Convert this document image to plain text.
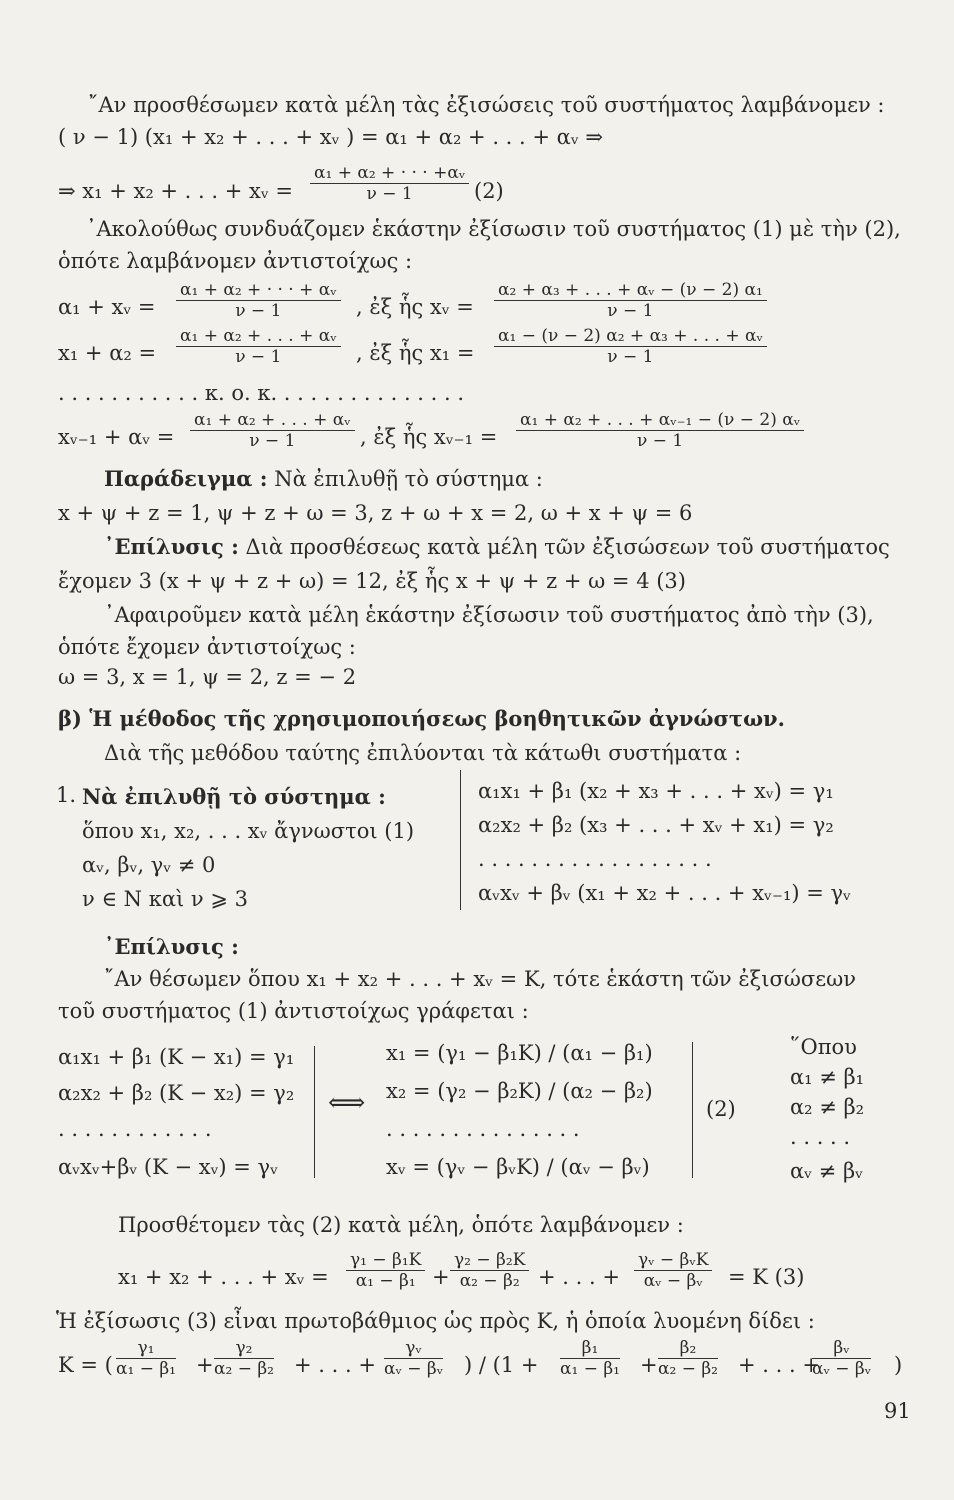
῎Αν προσθέσωμεν κατὰ μέλη τὰς ἐξισώσεις τοῦ συστήματος λαμβάνομεν :
( ν − 1) (x₁ + x₂ + . . . + xᵥ ) = α₁ + α₂ + . . . + αᵥ ⇒
⇒ x₁ + x₂ + . . . + xᵥ = $\frac{\text{α₁ + α₂ + · · · +αᵥ}}{\nu - 1} (2)$
᾿Ακολούθως συνδυάζομεν ἑκάστην ἐξίσωσιν τοῦ συστήματος (1) μὲ τὴν (2),
ὁπότε λαμβάνομεν ἀντιστοίχως :
α₁ + xᵥ = $\frac{\text{α₁ + α₂ + · · · + αᵥ}}{\nu - 1}$ , ἐξ ἧς xᵥ = $\frac{\text{α₂ + α₃ + . . . + αᵥ − (ν − 2) α₁}}{\nu - 1}$
$x_1 + \alpha_2 = \frac{\text{α₁ + α₂ + . . . + αᵥ}}{\nu - 1}$ , ἐξ ἧς $x_1 = \frac{\text{α₁ − (ν − 2) α₂ + α₃ + . . . + αᵥ}}{\nu - 1}$
. . . . . . . . . . . κ. ο. κ. . . . . . . . . . . . . . .
xᵥ₋₁ + αᵥ = $\frac{\text{α₁ + α₂ + . . . + αᵥ}}{\nu - 1}$ , ἐξ ἧς xᵥ₋₁ = $\frac{\text{α₁ + α₂ + . . . + αᵥ₋₁ − (ν − 2) αᵥ}}{\nu - 1}$
Παράδειγμα : Νὰ ἐπιλυθῇ τὸ σύστημα :
x + ψ + z = 1, ψ + z + ω = 3, z + ω + x = 2, ω + x + ψ = 6
᾿Επίλυσις : Διὰ προσθέσεως κατὰ μέλη τῶν ἐξισώσεων τοῦ συστήματος
ἔχομεν 3 (x + ψ + z + ω) = 12, ἐξ ἧς x + ψ + z + ω = 4 (3)
᾿Αφαιροῦμεν κατὰ μέλη ἑκάστην ἐξίσωσιν τοῦ συστήματος ἀπὸ τὴν (3),
ὁπότε ἔχομεν ἀντιστοίχως :
ω = 3, x = 1, ψ = 2, z = − 2
β) Ἡ μέθοδος τῆς χρησιμοποιήσεως βοηθητικῶν ἀγνώστων.
Διὰ τῆς μεθόδου ταύτης ἐπιλύονται τὰ κάτωθι συστήματα :
1. Νὰ ἐπιλυθῇ τὸ σύστημα :
ὅπου x₁, x₂, . . . xᵥ ἄγνωστοι (1)
αᵥ, βᵥ, γᵥ ≠ 0
ν ∈ N καὶ ν ⩾ 3
α₁x₁ + β₁ (x₂ + x₃ + . . . + xᵥ) = γ₁
α₂x₂ + β₂ (x₃ + . . . + xᵥ + x₁) = γ₂
. . . . . . . . . . . . . . . . . .
αᵥxᵥ + βᵥ (x₁ + x₂ + . . . + xᵥ₋₁) = γᵥ
᾿Επίλυσις :
῎Αν θέσωμεν ὅπου x₁ + x₂ + . . . + xᵥ = K, τότε ἑκάστη τῶν ἐξισώσεων
τοῦ συστήματος (1) ἀντιστοίχως γράφεται :
α₁x₁ + β₁ (K − x₁) = γ₁
α₂x₂ + β₂ (K − x₂) = γ₂
. . . . . . . . . . . .
αᵥxᵥ+βᵥ (K − xᵥ) = γᵥ
⟺
x₁ = (γ₁ − β₁K) / (α₁ − β₁)
x₂ = (γ₂ − β₂K) / (α₂ − β₂)
. . . . . . . . . . . . . . .
xᵥ = (γᵥ − βᵥK) / (αᵥ − βᵥ)
(2)
῞Οπου
α₁ ≠ β₁
α₂ ≠ β₂
. . . . .
αᵥ ≠ βᵥ
Προσθέτομεν τὰς (2) κατὰ μέλη, ὁπότε λαμβάνομεν :
x₁ + x₂ + . . . + xᵥ = $\frac{\text{γ₁ − β₁K}}{\text{α₁ − β₁}} + \frac{\text{γ₂ − β₂K}}{\text{α₂ − β₂}}$ + . . . +
γᵥ − βᵥK
αᵥ − βᵥ	= K (3)
Ἡ ἐξίσωσις (3) εἶναι πρωτοβάθμιος ὡς πρὸς K, ἡ ὁποία λυομένη δίδει :
K = ( $\frac{\text{γ₁}}{\text{α₁ − β₁}} + \frac{\text{γ₂}}{\text{α₂ − β₂}}$ + . . . + $\frac{\text{γᵥ}}{\text{αᵥ − βᵥ}}$ ) / ($1 + \frac{\text{β₁}}{\text{α₁ − β₁}} + \frac{\text{β₂}}{\text{α₂ − β₂}}$ + . . . +
$\frac{\text{βᵥ}}{\text{αᵥ − βᵥ}}$ )
91
